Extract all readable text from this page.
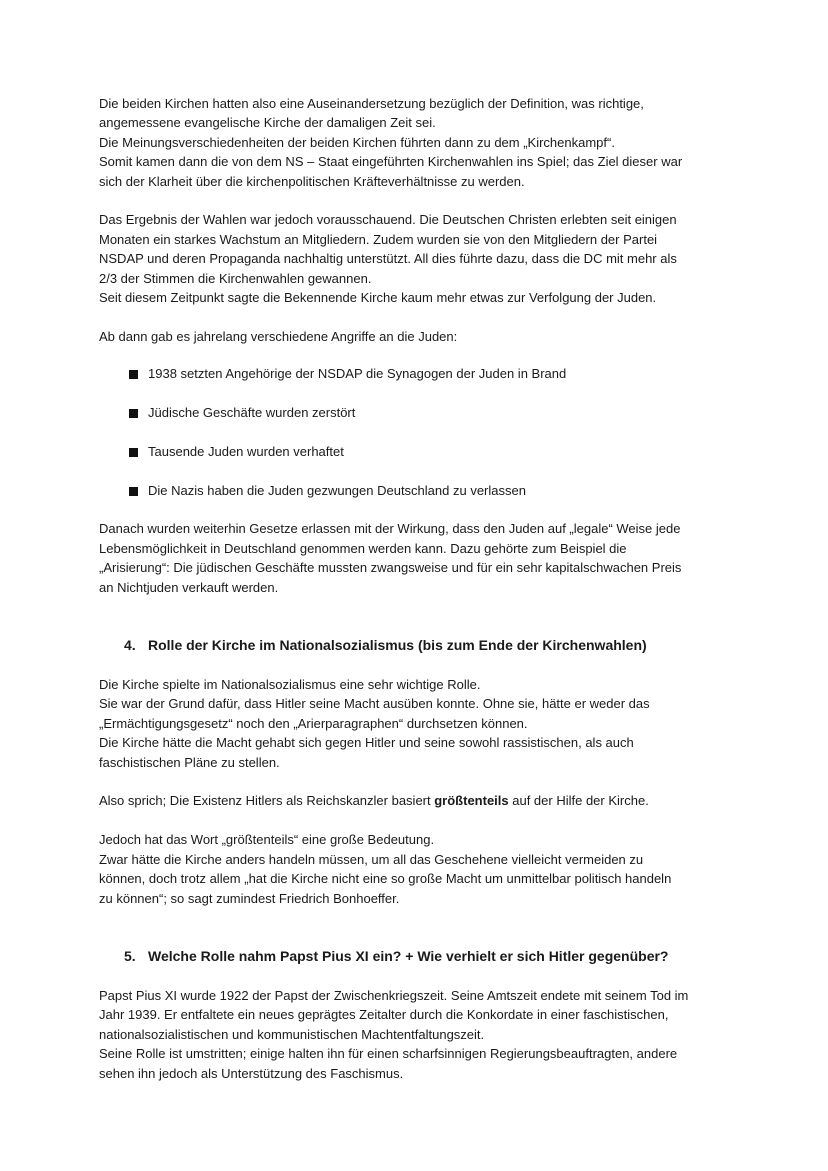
Die beiden Kirchen hatten also eine Auseinandersetzung bezüglich der Definition, was richtige,

angemessene evangelische Kirche der damaligen Zeit sei.

Die Meinungsverschiedenheiten der beiden Kirchen führten dann zu dem „Kirchenkampf“.

Somit kamen dann die von dem NS – Staat eingeführten Kirchenwahlen ins Spiel; das Ziel dieser war

sich der Klarheit über die kirchenpolitischen Kräfteverhältnisse zu werden.

Das Ergebnis der Wahlen war jedoch vorausschauend. Die Deutschen Christen erlebten seit einigen

Monaten ein starkes Wachstum an Mitgliedern. Zudem wurden sie von den Mitgliedern der Partei

NSDAP und deren Propaganda nachhaltig unterstützt. All dies führte dazu, dass die DC mit mehr als

2/3 der Stimmen die Kirchenwahlen gewannen.

Seit diesem Zeitpunkt sagte die Bekennende Kirche kaum mehr etwas zur Verfolgung der Juden.

Ab dann gab es jahrelang verschiedene Angriffe an die Juden:

1938 setzten Angehörige der NSDAP die Synagogen der Juden in Brand
Jüdische Geschäfte wurden zerstört
Tausende Juden wurden verhaftet
Die Nazis haben die Juden gezwungen Deutschland zu verlassen

Danach wurden weiterhin Gesetze erlassen mit der Wirkung, dass den Juden auf „legale“ Weise jede

Lebensmöglichkeit in Deutschland genommen werden kann. Dazu gehörte zum Beispiel die

„Arisierung“: Die jüdischen Geschäfte mussten zwangsweise und für ein sehr kapitalschwachen Preis

an Nichtjuden verkauft werden.

4. Rolle der Kirche im Nationalsozialismus (bis zum Ende der Kirchenwahlen)

Die Kirche spielte im Nationalsozialismus eine sehr wichtige Rolle.

Sie war der Grund dafür, dass Hitler seine Macht ausüben konnte. Ohne sie, hätte er weder das

„Ermächtigungsgesetz“ noch den „Arierparagraphen“ durchsetzen können.

Die Kirche hätte die Macht gehabt sich gegen Hitler und seine sowohl rassistischen, als auch

faschistischen Pläne zu stellen.

Also sprich; Die Existenz Hitlers als Reichskanzler basiert größtenteils auf der Hilfe der Kirche.

Jedoch hat das Wort „größtenteils“ eine große Bedeutung.

Zwar hätte die Kirche anders handeln müssen, um all das Geschehene vielleicht vermeiden zu

können, doch trotz allem „hat die Kirche nicht eine so große Macht um unmittelbar politisch handeln

zu können“; so sagt zumindest Friedrich Bonhoeffer.

5. Welche Rolle nahm Papst Pius XI ein? + Wie verhielt er sich Hitler gegenüber?

Papst Pius XI wurde 1922 der Papst der Zwischenkriegszeit. Seine Amtszeit endete mit seinem Tod im

Jahr 1939. Er entfaltete ein neues geprägtes Zeitalter durch die Konkordate in einer faschistischen,

nationalsozialistischen und kommunistischen Machtentfaltungszeit.

Seine Rolle ist umstritten; einige halten ihn für einen scharfsinnigen Regierungsbeauftragten, andere

sehen ihn jedoch als Unterstützung des Faschismus.
